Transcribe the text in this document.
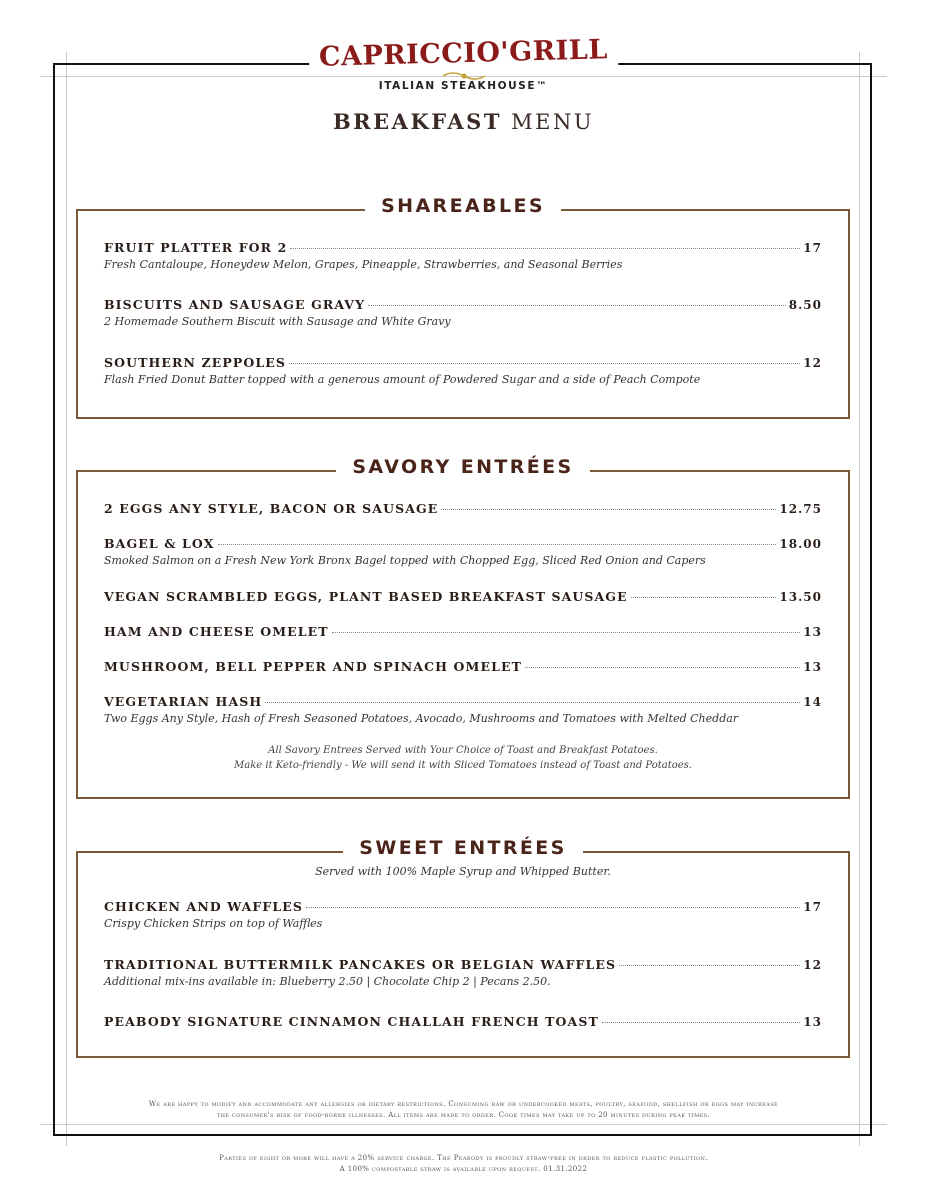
CAPRICCIO'GRILL
ITALIAN STEAKHOUSE™
BREAKFAST MENU
SHAREABLES
FRUIT PLATTER FOR 2	17
Fresh Cantaloupe, Honeydew Melon, Grapes, Pineapple, Strawberries, and Seasonal Berries
BISCUITS AND SAUSAGE GRAVY	8.50
2 Homemade Southern Biscuit with Sausage and White Gravy
SOUTHERN ZEPPOLES	12
Flash Fried Donut Batter topped with a generous amount of Powdered Sugar and a side of Peach Compote
SAVORY ENTRÉES
2 EGGS ANY STYLE, BACON OR SAUSAGE	12.75
BAGEL & LOX	18.00
Smoked Salmon on a Fresh New York Bronx Bagel topped with Chopped Egg, Sliced Red Onion and Capers
VEGAN SCRAMBLED EGGS, PLANT BASED BREAKFAST SAUSAGE	13.50
HAM AND CHEESE OMELET	13
MUSHROOM, BELL PEPPER AND SPINACH OMELET	13
VEGETARIAN HASH	14
Two Eggs Any Style, Hash of Fresh Seasoned Potatoes, Avocado, Mushrooms and Tomatoes with Melted Cheddar
All Savory Entrees Served with Your Choice of Toast and Breakfast Potatoes.
Make it Keto-friendly - We will send it with Sliced Tomatoes instead of Toast and Potatoes.
SWEET ENTRÉES
Served with 100% Maple Syrup and Whipped Butter.
CHICKEN AND WAFFLES	17
Crispy Chicken Strips on top of Waffles
TRADITIONAL BUTTERMILK PANCAKES OR BELGIAN WAFFLES	12
Additional mix-ins available in: Blueberry 2.50 | Chocolate Chip 2 | Pecans 2.50.
PEABODY SIGNATURE CINNAMON CHALLAH FRENCH TOAST	13
We are happy to modify and accommodate any allergies or dietary restrictions. Consuming raw or undercooked meats, poultry, seafood, shellfish or eggs may increase
the consumer's risk of food-borne illnesses. All items are made to order. Cook times may take up to 20 minutes during peak times.
Parties of eight or more will have a 20% service charge. The Peabody is proudly straw-free in order to reduce plastic pollution.
A 100% compostable straw is available upon request. 01.31.2022
